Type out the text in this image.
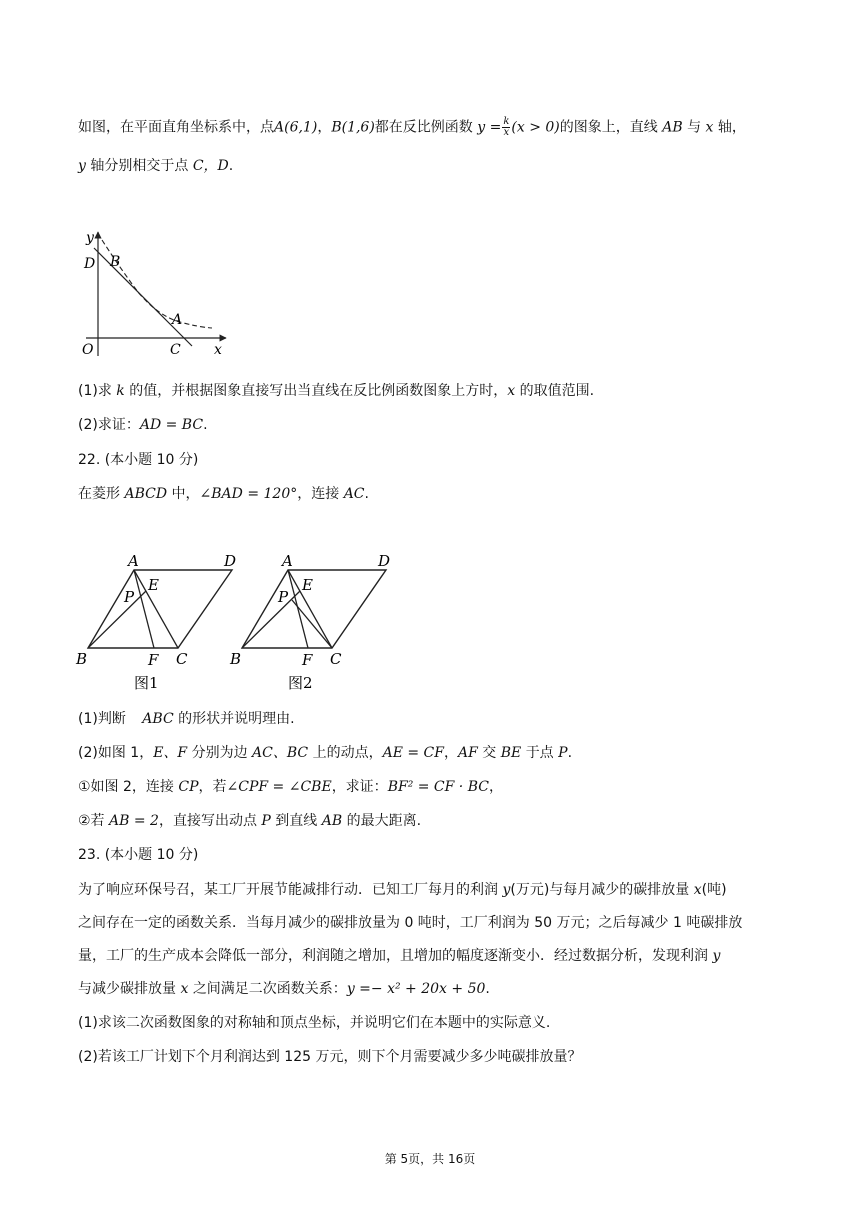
如图，在平面直角坐标系中，点A(6,1)，B(1,6)都在反比例函数 $y = \frac{k}{x} (x > 0)$的图象上，直线 AB 与 x 轴，
y 轴分别相交于点 C，D.
y
D B
A
O	C x
(1)求 k 的值，并根据图象直接写出当直线在反比例函数图象上方时，x 的取值范围.
(2)求证：AD = BC.
22. (本小题 10 分)
在菱形 ABCD 中，∠BAD = 120°，连接 AC.
A	D
E
P
B	F C
图1
A	D
E
P
B	F C
图2
(1)判断 ABC 的形状并说明理由.
(2)如图 1，E、F 分别为边 AC、BC 上的动点，AE = CF，AF 交 BE 于点 P.
①如图 2，连接 CP，若∠CPF = ∠CBE，求证：BF² = CF · BC，
②若 AB = 2，直接写出动点 P 到直线 AB 的最大距离.
23. (本小题 10 分)
为了响应环保号召，某工厂开展节能减排行动．已知工厂每月的利润 y(万元)与每月减少的碳排放量 x(吨)
之间存在一定的函数关系．当每月减少的碳排放量为 0 吨时，工厂利润为 50 万元；之后每减少 1 吨碳排放
量，工厂的生产成本会降低一部分，利润随之增加，且增加的幅度逐渐变小．经过数据分析，发现利润 y
与减少碳排放量 x 之间满足二次函数关系：y =− x² + 20x + 50.
(1)求该二次函数图象的对称轴和顶点坐标，并说明它们在本题中的实际意义.
(2)若该工厂计划下个月利润达到 125 万元，则下个月需要减少多少吨碳排放量？
第 5页，共 16页
